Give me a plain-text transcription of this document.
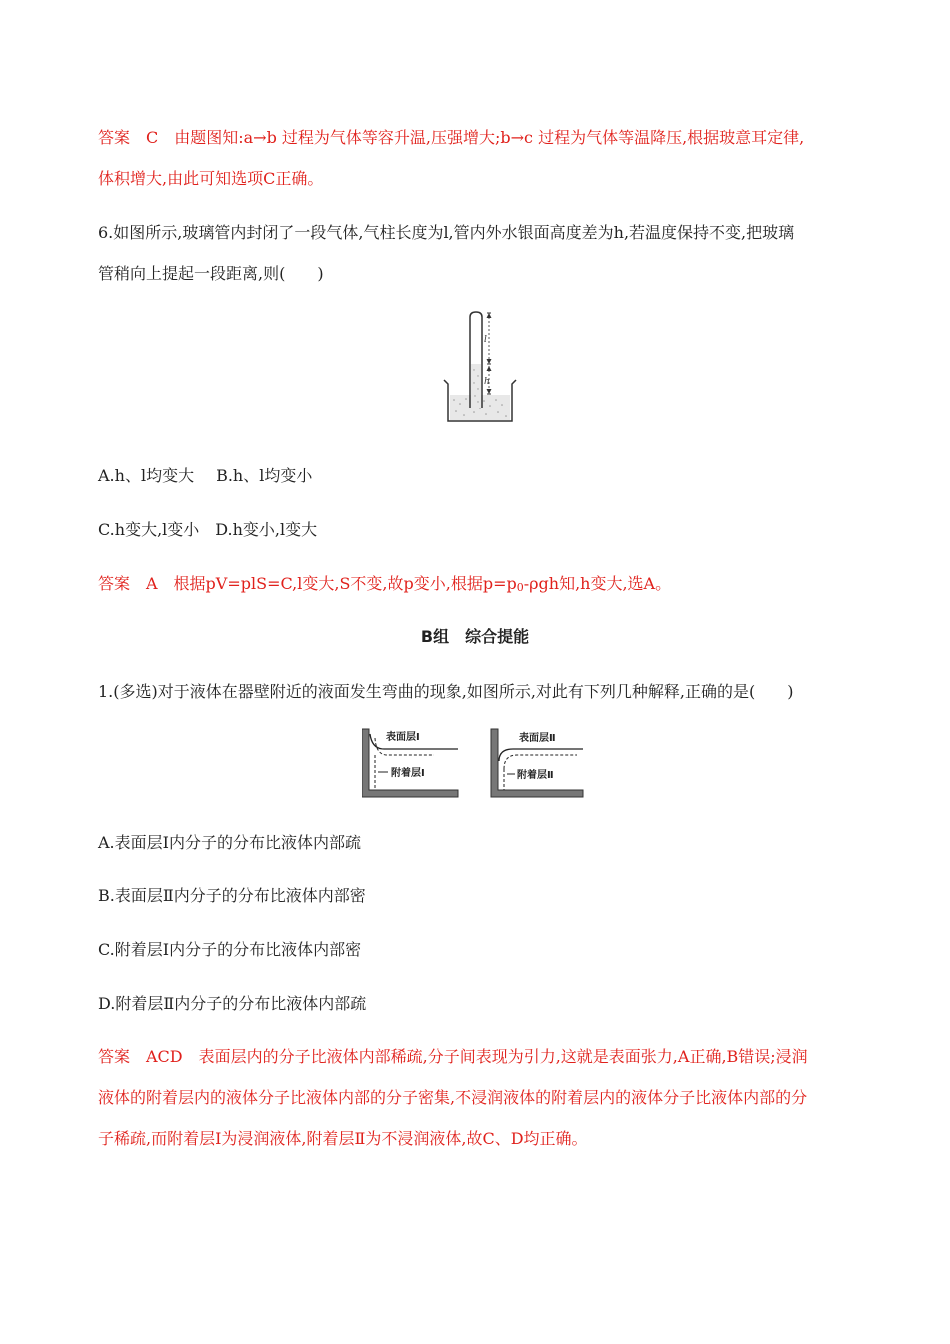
答案　C　由题图知:a→b 过程为气体等容升温,压强增大;b→c 过程为气体等温降压,根据玻意耳定律,
体积增大,由此可知选项C正确。
6.如图所示,玻璃管内封闭了一段气体,气柱长度为l,管内外水银面高度差为h,若温度保持不变,把玻璃
管稍向上提起一段距离,则(　　)
l
h
A.h、l均变大 B.h、l均变小
C.h变大,l变小 D.h变小,l变大
答案　A　根据pV=plS=C,l变大,S不变,故p变小,根据p=p0-ρgh知,h变大,选A。
B组　综合提能
1.(多选)对于液体在器壁附近的液面发生弯曲的现象,如图所示,对此有下列几种解释,正确的是(　　)
表面层Ⅰ
附着层Ⅰ
表面层Ⅱ
附着层Ⅱ
A.表面层Ⅰ内分子的分布比液体内部疏
B.表面层Ⅱ内分子的分布比液体内部密
C.附着层Ⅰ内分子的分布比液体内部密
D.附着层Ⅱ内分子的分布比液体内部疏
答案　ACD　表面层内的分子比液体内部稀疏,分子间表现为引力,这就是表面张力,A正确,B错误;浸润
液体的附着层内的液体分子比液体内部的分子密集,不浸润液体的附着层内的液体分子比液体内部的分
子稀疏,而附着层Ⅰ为浸润液体,附着层Ⅱ为不浸润液体,故C、D均正确。
